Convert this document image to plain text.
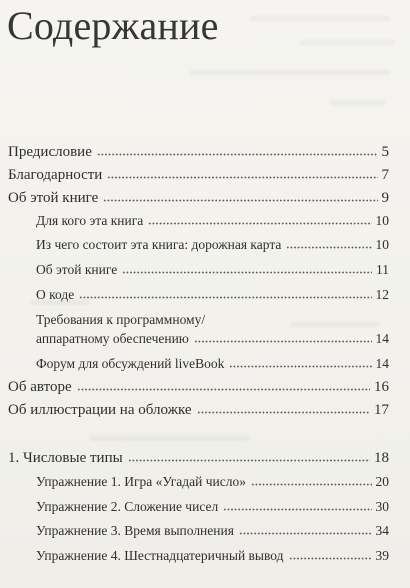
Содержание
Предисловие	5
Благодарности	7
Об этой книге	9
Для кого эта книга	10
Из чего состоит эта книга: дорожная карта	10
Об этой книге	11
О коде	12
Требования к программному/
аппаратному обеспечению	14
Форум для обсуждений liveBook	14
Об авторе	16
Об иллюстрации на обложке	17
1. Числовые типы	18
Упражнение 1. Игра «Угадай число»	20
Упражнение 2. Сложение чисел	30
Упражнение 3. Время выполнения	34
Упражнение 4. Шестнадцатеричный вывод	39
